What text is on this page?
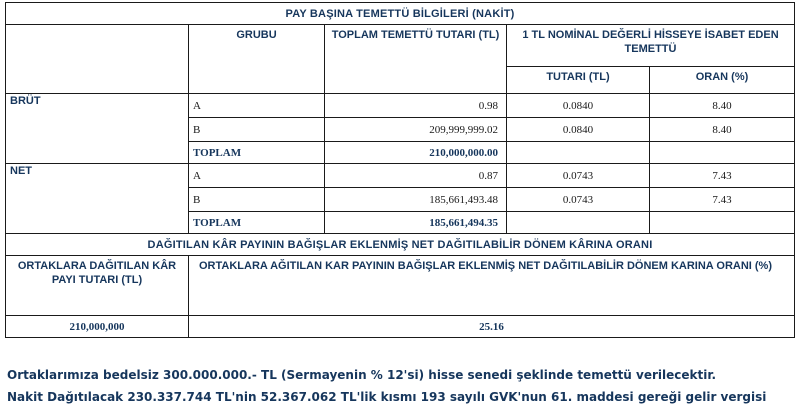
PAY BAŞINA TEMETTÜ BİLGİLERİ (NAKİT)				
	GRUBU	TOPLAM TEMETTÜ TUTARI (TL)	1 TL NOMİNAL DEĞERLİ HİSSEYE İSABET EDEN TEMETTÜ	
			TUTARI (TL)	ORAN (%)
BRÜT	A	0.98	0.0840	8.40
	B	209,999,999.02	0.0840	8.40
	TOPLAM	210,000,000.00		
NET	A	0.87	0.0743	7.43
	B	185,661,493.48	0.0743	7.43
	TOPLAM	185,661,494.35		
DAĞITILAN KÂR PAYININ BAĞIŞLAR EKLENMİŞ NET DAĞITILABİLİR DÖNEM KÂRINA ORANI				
ORTAKLARA DAĞITILAN KÂR PAYI TUTARI (TL)	ORTAKLARA AĞITILAN KAR PAYININ BAĞIŞLAR EKLENMİŞ NET DAĞITILABİLİR DÖNEM KARINA ORANI (%)			
210,000,000	25.16			

Ortaklarımıza bedelsiz 300.000.000.- TL (Sermayenin % 12'si) hisse senedi şeklinde temettü verilecektir.

Nakit Dağıtılacak 230.337.744 TL'nin 52.367.062 TL'lik kısmı 193 sayılı GVK'nun 61. maddesi gereği gelir vergisi
